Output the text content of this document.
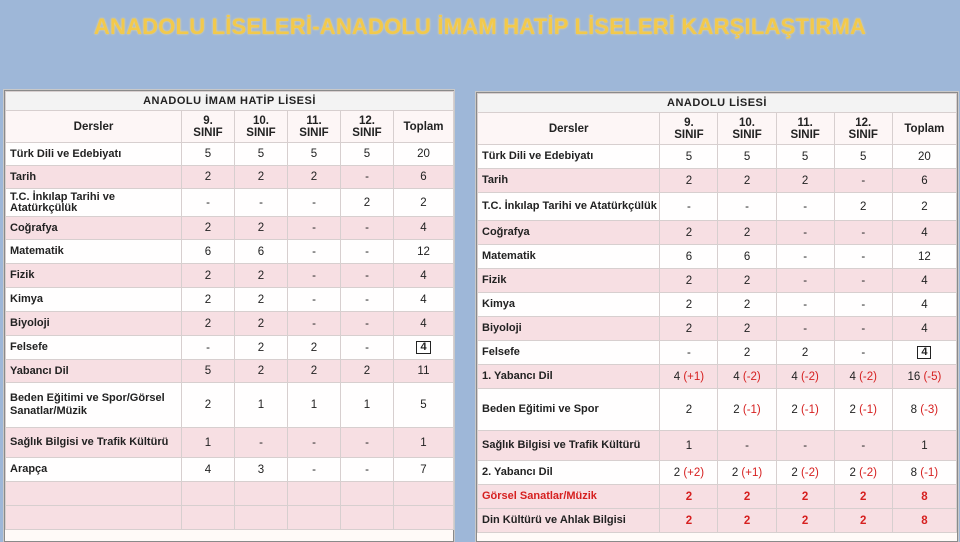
ANADOLU LİSELERİ-ANADOLU İMAM HATİP LİSELERİ KARŞILAŞTIRMA
ANADOLU İMAM HATİP LİSESİ					
Dersler	9. SINIF	10. SINIF	11. SINIF	12. SINIF	Toplam
Türk Dili ve Edebiyatı	5	5	5	5	20
Tarih	2	2	2	-	6
T.C. İnkılap Tarihi ve Atatürkçülük	-	-	-	2	2
Coğrafya	2	2	-	-	4
Matematik	6	6	-	-	12
Fizik	2	2	-	-	4
Kimya	2	2	-	-	4
Biyoloji	2	2	-	-	4
Felsefe	-	2	2	-	4
Yabancı Dil	5	2	2	2	11
Beden Eğitimi ve Spor/Görsel Sanatlar/Müzik	2	1	1	1	5
Sağlık Bilgisi ve Trafik Kültürü	1	-	-	-	1
Arapça	4	3	-	-	7

ANADOLU LİSESİ					
Dersler	9. SINIF	10. SINIF	11. SINIF	12. SINIF	Toplam
Türk Dili ve Edebiyatı	5	5	5	5	20
Tarih	2	2	2	-	6
T.C. İnkılap Tarihi ve Atatürkçülük	-	-	-	2	2
Coğrafya	2	2	-	-	4
Matematik	6	6	-	-	12
Fizik	2	2	-	-	4
Kimya	2	2	-	-	4
Biyoloji	2	2	-	-	4
Felsefe	-	2	2	-	4
1. Yabancı Dil	4 (+1)	4 (-2)	4 (-2)	4 (-2)	16 (-5)
Beden Eğitimi ve Spor	2	2 (-1)	2 (-1)	2 (-1)	8 (-3)
Sağlık Bilgisi ve Trafik Kültürü	1	-	-	-	1
2. Yabancı Dil	2 (+2)	2 (+1)	2 (-2)	2 (-2)	8 (-1)
Görsel Sanatlar/Müzik	2	2	2	2	8
Din Kültürü ve Ahlak Bilgisi	2	2	2	2	8
